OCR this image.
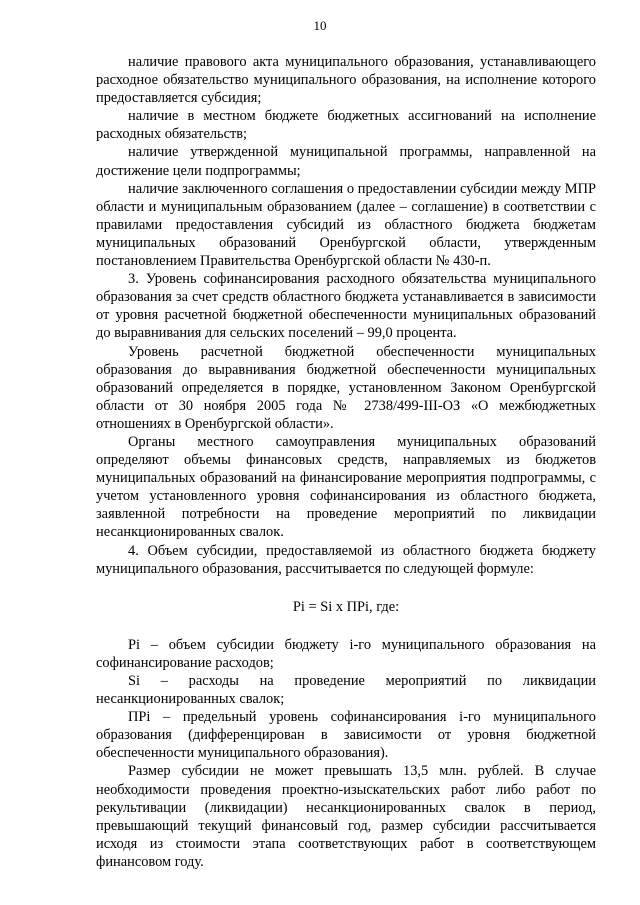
10

наличие правового акта муниципального образования, устанавливающего расходное обязательство муниципального образования, на исполнение которого предоставляется субсидия;

наличие в местном бюджете бюджетных ассигнований на исполнение расходных обязательств;

наличие утвержденной муниципальной программы, направленной на достижение цели подпрограммы;

наличие заключенного соглашения о предоставлении субсидии между МПР области и муниципальным образованием (далее – соглашение) в соответствии с правилами предоставления субсидий из областного бюджета бюджетам муниципальных образований Оренбургской области, утвержденным постановлением Правительства Оренбургской области № 430-п.

3. Уровень софинансирования расходного обязательства муниципального образования за счет средств областного бюджета устанавливается в зависимости от уровня расчетной бюджетной обеспеченности муниципальных образований до выравнивания для сельских поселений – 99,0 процента.

Уровень расчетной бюджетной обеспеченности муниципальных образования до выравнивания бюджетной обеспеченности муниципальных образований определяется в порядке, установленном Законом Оренбургской области от 30 ноября 2005 года № 2738/499-III-ОЗ «О межбюджетных отношениях в Оренбургской области».

Органы местного самоуправления муниципальных образований определяют объемы финансовых средств, направляемых из бюджетов муниципальных образований на финансирование мероприятия подпрограммы, с учетом установленного уровня софинансирования из областного бюджета, заявленной потребности на проведение мероприятий по ликвидации несанкционированных свалок.

4. Объем субсидии, предоставляемой из областного бюджета бюджету муниципального образования, рассчитывается по следующей формуле:

Pi = Si x ПРi, где:

Pi – объем субсидии бюджету i-го муниципального образования на софинансирование расходов;

Si – расходы на проведение мероприятий по ликвидации несанкционированных свалок;

ПРi – предельный уровень софинансирования i-го муниципального образования (дифференцирован в зависимости от уровня бюджетной обеспеченности муниципального образования).

Размер субсидии не может превышать 13,5 млн. рублей. В случае необходимости проведения проектно-изыскательских работ либо работ по рекультивации (ликвидации) несанкционированных свалок в период, превышающий текущий финансовый год, размер субсидии рассчитывается исходя из стоимости этапа соответствующих работ в соответствующем финансовом году.
